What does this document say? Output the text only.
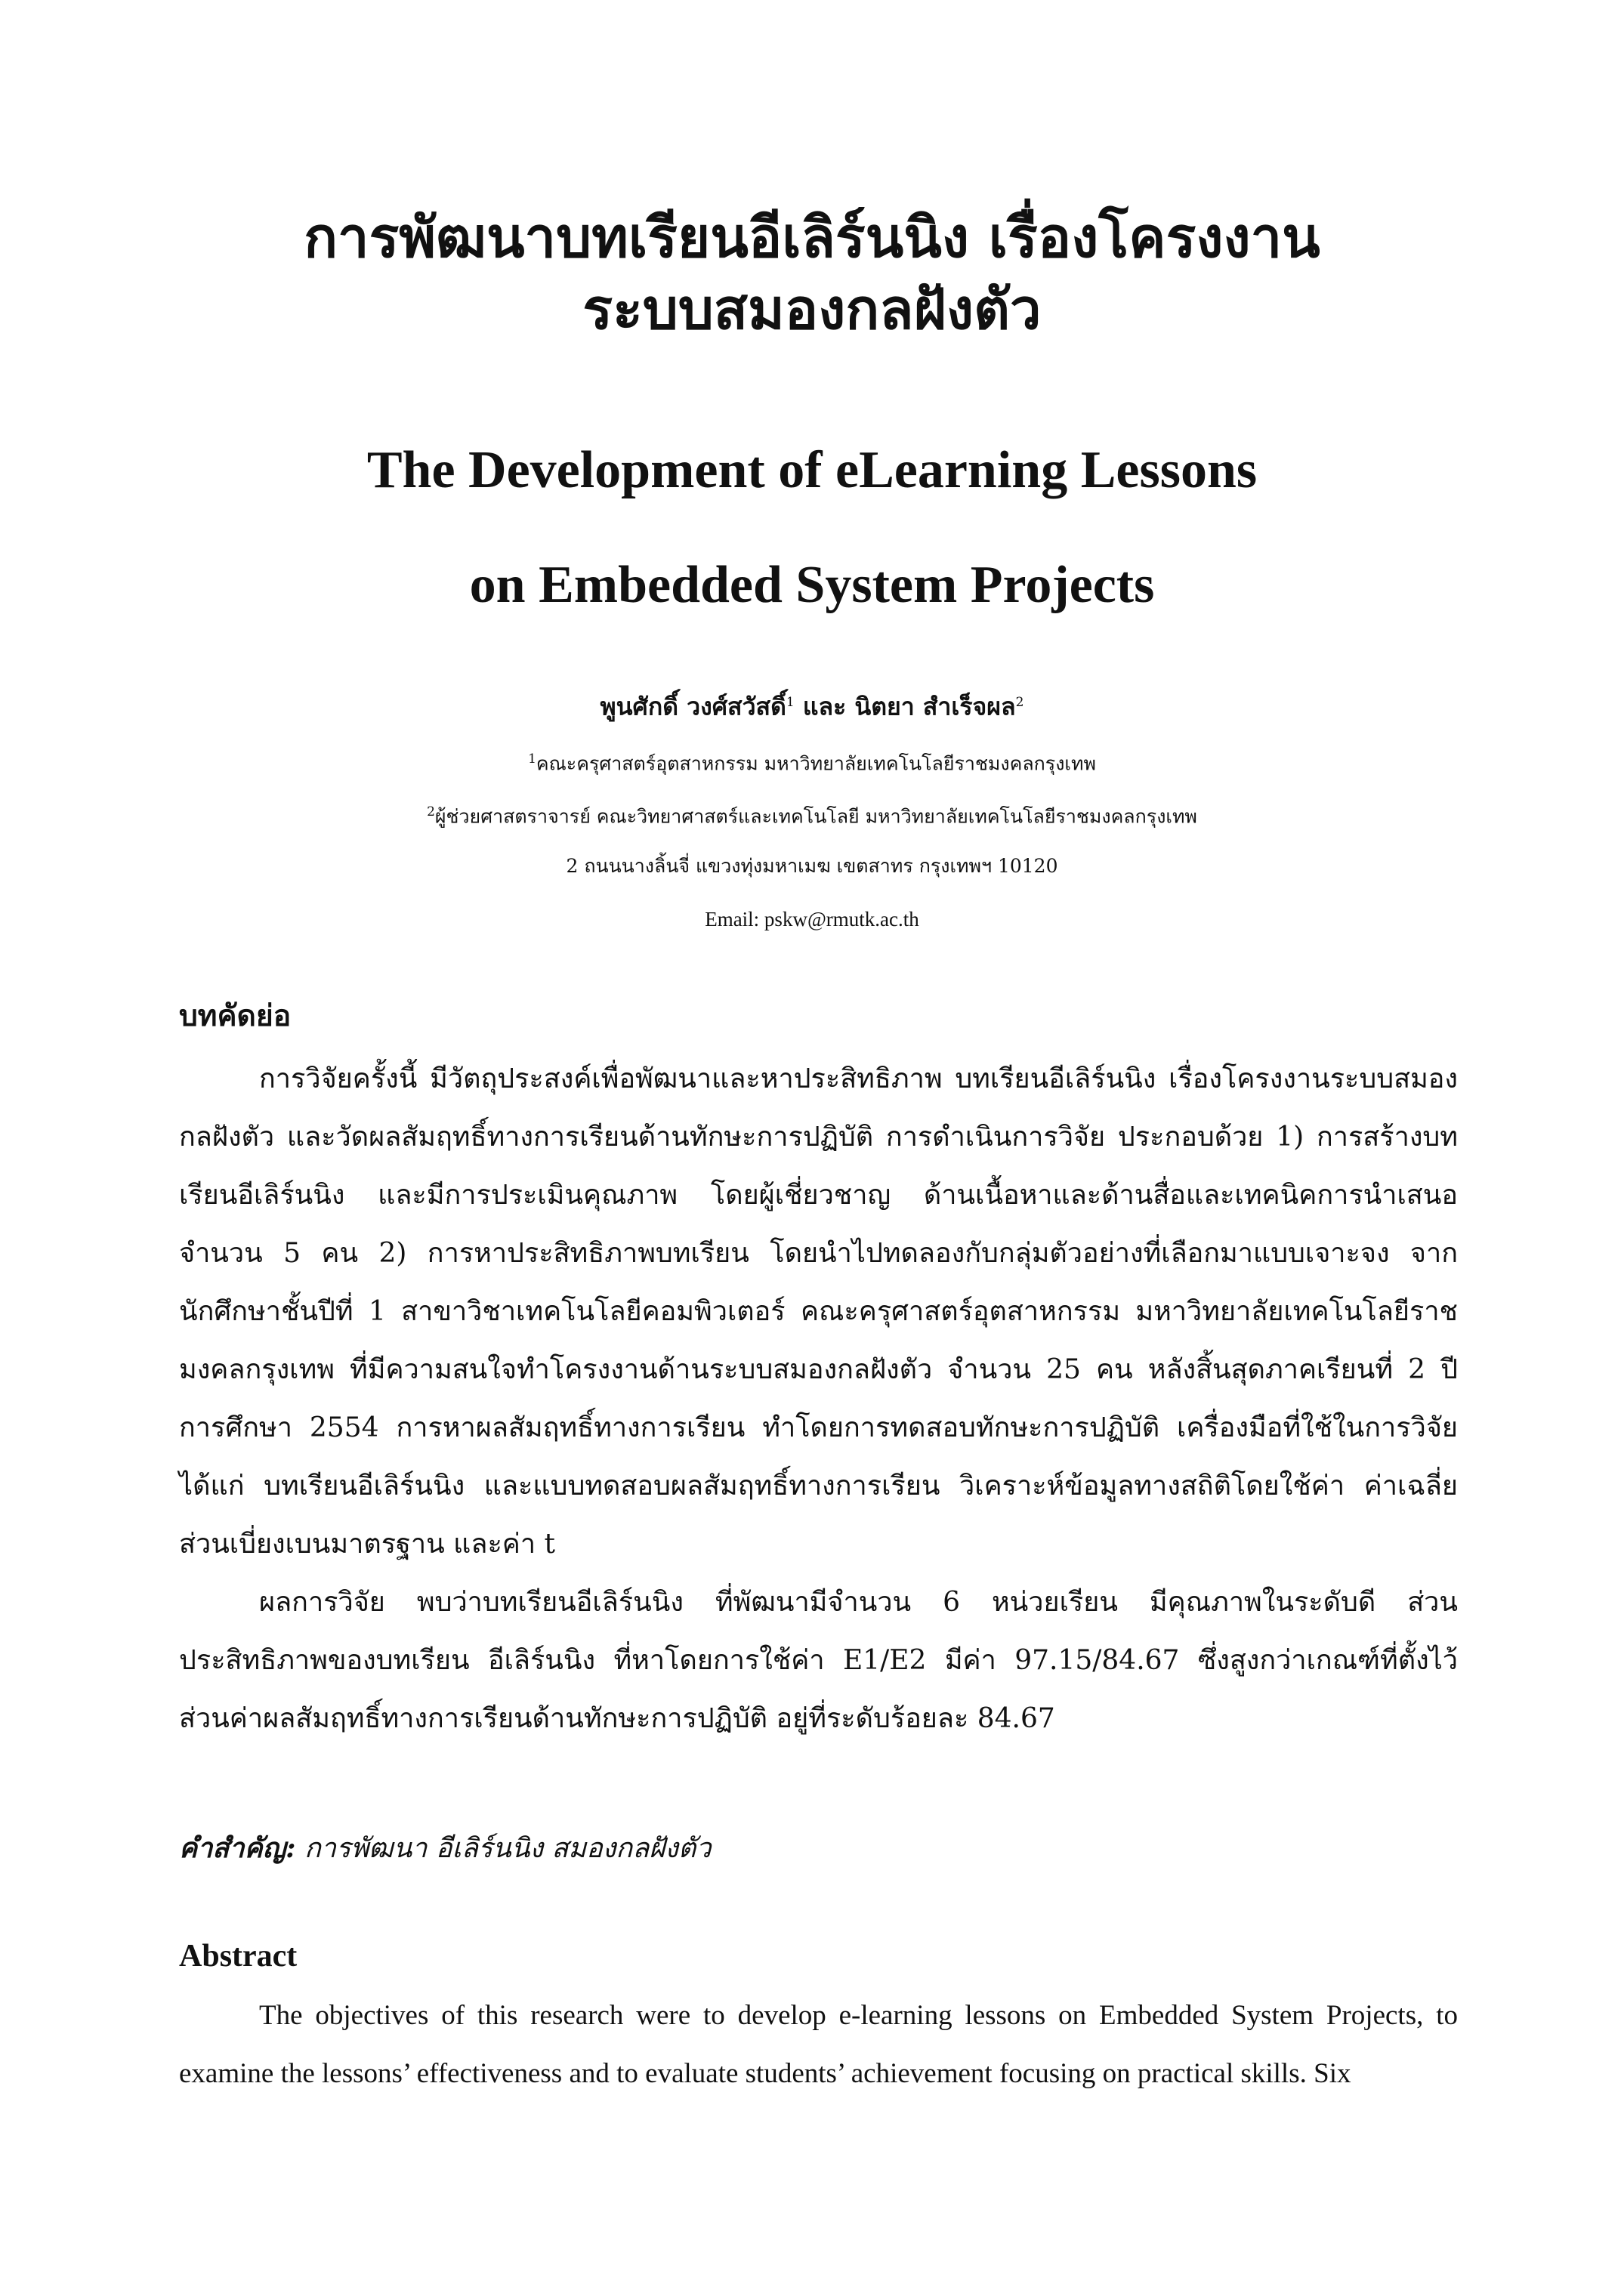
การพัฒนาบทเรียนอีเลิร์นนิง เรื่องโครงงาน
ระบบสมองกลฝังตัว
The Development of eLearning Lessons
on Embedded System Projects
พูนศักดิ์ วงศ์สวัสดิ์$^1$ และ นิตยา สำเร็จผล$^2$
$^1$คณะครุศาสตร์อุตสาหกรรม มหาวิทยาลัยเทคโนโลยีราชมงคลกรุงเทพ
$^2$ผู้ช่วยศาสตราจารย์ คณะวิทยาศาสตร์และเทคโนโลยี มหาวิทยาลัยเทคโนโลยีราชมงคลกรุงเทพ
2 ถนนนางลิ้นจี่ แขวงทุ่งมหาเมฆ เขตสาทร กรุงเทพฯ 10120
Email: pskw@rmutk.ac.th
บทคัดย่อ

การวิจัยครั้งนี้ มีวัตถุประสงค์เพื่อพัฒนาและหาประสิทธิภาพ บทเรียนอีเลิร์นนิง เรื่องโครงงานระบบสมองกลฝังตัว และวัดผลสัมฤทธิ์ทางการเรียนด้านทักษะการปฏิบัติ การดำเนินการวิจัย ประกอบด้วย 1) การสร้างบทเรียนอีเลิร์นนิง และมีการประเมินคุณภาพ โดยผู้เชี่ยวชาญ ด้านเนื้อหาและด้านสื่อและเทคนิคการนำเสนอ จำนวน 5 คน 2) การหาประสิทธิภาพบทเรียน โดยนำไปทดลองกับกลุ่มตัวอย่างที่เลือกมาแบบเจาะจง จากนักศึกษาชั้นปีที่ 1 สาขาวิชาเทคโนโลยีคอมพิวเตอร์ คณะครุศาสตร์อุตสาหกรรม มหาวิทยาลัยเทคโนโลยีราชมงคลกรุงเทพ ที่มีความสนใจทำโครงงานด้านระบบสมองกลฝังตัว จำนวน 25 คน หลังสิ้นสุดภาคเรียนที่ 2 ปีการศึกษา 2554 การหาผลสัมฤทธิ์ทางการเรียน ทำโดยการทดสอบทักษะการปฏิบัติ เครื่องมือที่ใช้ในการวิจัย ได้แก่ บทเรียนอีเลิร์นนิง และแบบทดสอบผลสัมฤทธิ์ทางการเรียน วิเคราะห์ข้อมูลทางสถิติโดยใช้ค่า ค่าเฉลี่ย ส่วนเบี่ยงเบนมาตรฐาน และค่า t

ผลการวิจัย พบว่าบทเรียนอีเลิร์นนิง ที่พัฒนามีจำนวน 6 หน่วยเรียน มีคุณภาพในระดับดี ส่วนประสิทธิภาพของบทเรียน อีเลิร์นนิง ที่หาโดยการใช้ค่า E1/E2 มีค่า 97.15/84.67 ซึ่งสูงกว่าเกณฑ์ที่ตั้งไว้ ส่วนค่าผลสัมฤทธิ์ทางการเรียนด้านทักษะการปฏิบัติ อยู่ที่ระดับร้อยละ 84.67

คำสำคัญ: การพัฒนา อีเลิร์นนิง สมองกลฝังตัว
Abstract

The objectives of this research were to develop e-learning lessons on Embedded System Projects, to examine the lessons’ effectiveness and to evaluate students’ achievement focusing on practical skills. Six
